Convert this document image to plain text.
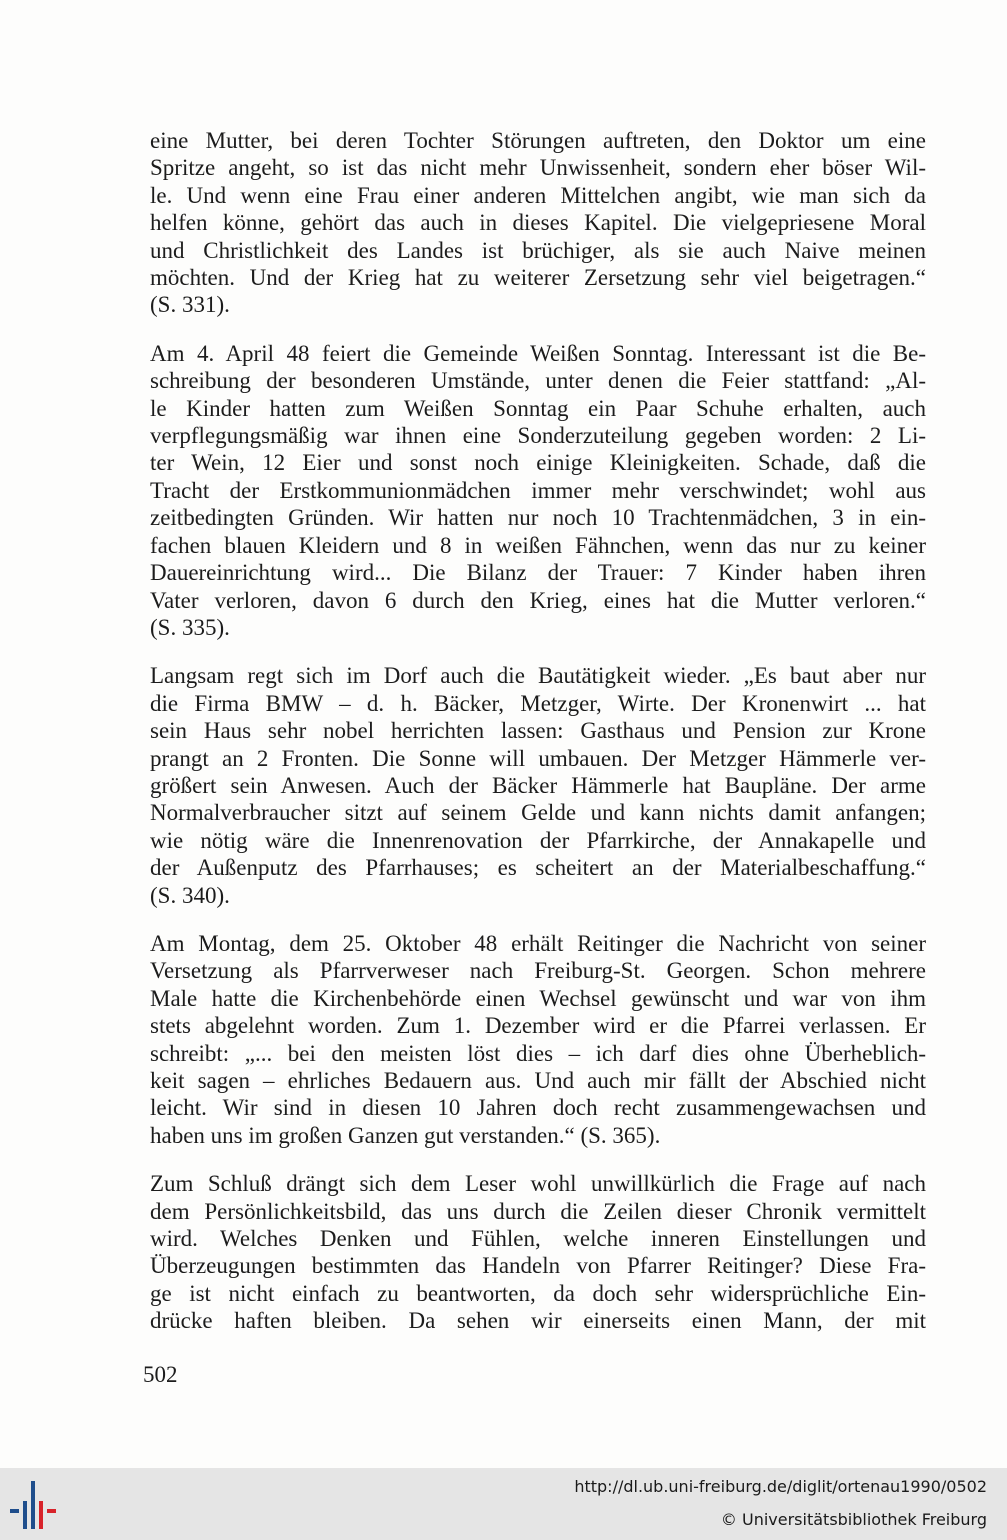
eine Mutter, bei deren Tochter Störungen auftreten, den Doktor um eine
Spritze angeht, so ist das nicht mehr Unwissenheit, sondern eher böser Wil-
le. Und wenn eine Frau einer anderen Mittelchen angibt, wie man sich da
helfen könne, gehört das auch in dieses Kapitel. Die vielgepriesene Moral
und Christlichkeit des Landes ist brüchiger, als sie auch Naive meinen
möchten. Und der Krieg hat zu weiterer Zersetzung sehr viel beigetragen.“
(S. 331).
Am 4. April 48 feiert die Gemeinde Weißen Sonntag. Interessant ist die Be-
schreibung der besonderen Umstände, unter denen die Feier stattfand: „Al-
le Kinder hatten zum Weißen Sonntag ein Paar Schuhe erhalten, auch
verpflegungsmäßig war ihnen eine Sonderzuteilung gegeben worden: 2 Li-
ter Wein, 12 Eier und sonst noch einige Kleinigkeiten. Schade, daß die
Tracht der Erstkommunionmädchen immer mehr verschwindet; wohl aus
zeitbedingten Gründen. Wir hatten nur noch 10 Trachtenmädchen, 3 in ein-
fachen blauen Kleidern und 8 in weißen Fähnchen, wenn das nur zu keiner
Dauereinrichtung wird... Die Bilanz der Trauer: 7 Kinder haben ihren
Vater verloren, davon 6 durch den Krieg, eines hat die Mutter verloren.“
(S. 335).
Langsam regt sich im Dorf auch die Bautätigkeit wieder. „Es baut aber nur
die Firma BMW – d. h. Bäcker, Metzger, Wirte. Der Kronenwirt ... hat
sein Haus sehr nobel herrichten lassen: Gasthaus und Pension zur Krone
prangt an 2 Fronten. Die Sonne will umbauen. Der Metzger Hämmerle ver-
größert sein Anwesen. Auch der Bäcker Hämmerle hat Baupläne. Der arme
Normalverbraucher sitzt auf seinem Gelde und kann nichts damit anfangen;
wie nötig wäre die Innenrenovation der Pfarrkirche, der Annakapelle und
der Außenputz des Pfarrhauses; es scheitert an der Materialbeschaffung.“
(S. 340).
Am Montag, dem 25. Oktober 48 erhält Reitinger die Nachricht von seiner
Versetzung als Pfarrverweser nach Freiburg-St. Georgen. Schon mehrere
Male hatte die Kirchenbehörde einen Wechsel gewünscht und war von ihm
stets abgelehnt worden. Zum 1. Dezember wird er die Pfarrei verlassen. Er
schreibt: „... bei den meisten löst dies – ich darf dies ohne Überheblich-
keit sagen – ehrliches Bedauern aus. Und auch mir fällt der Abschied nicht
leicht. Wir sind in diesen 10 Jahren doch recht zusammengewachsen und
haben uns im großen Ganzen gut verstanden.“ (S. 365).
Zum Schluß drängt sich dem Leser wohl unwillkürlich die Frage auf nach
dem Persönlichkeitsbild, das uns durch die Zeilen dieser Chronik vermittelt
wird. Welches Denken und Fühlen, welche inneren Einstellungen und
Überzeugungen bestimmten das Handeln von Pfarrer Reitinger? Diese Fra-
ge ist nicht einfach zu beantworten, da doch sehr widersprüchliche Ein-
drücke haften bleiben. Da sehen wir einerseits einen Mann, der mit
502
http://dl.ub.uni-freiburg.de/diglit/ortenau1990/0502
© Universitätsbibliothek Freiburg
